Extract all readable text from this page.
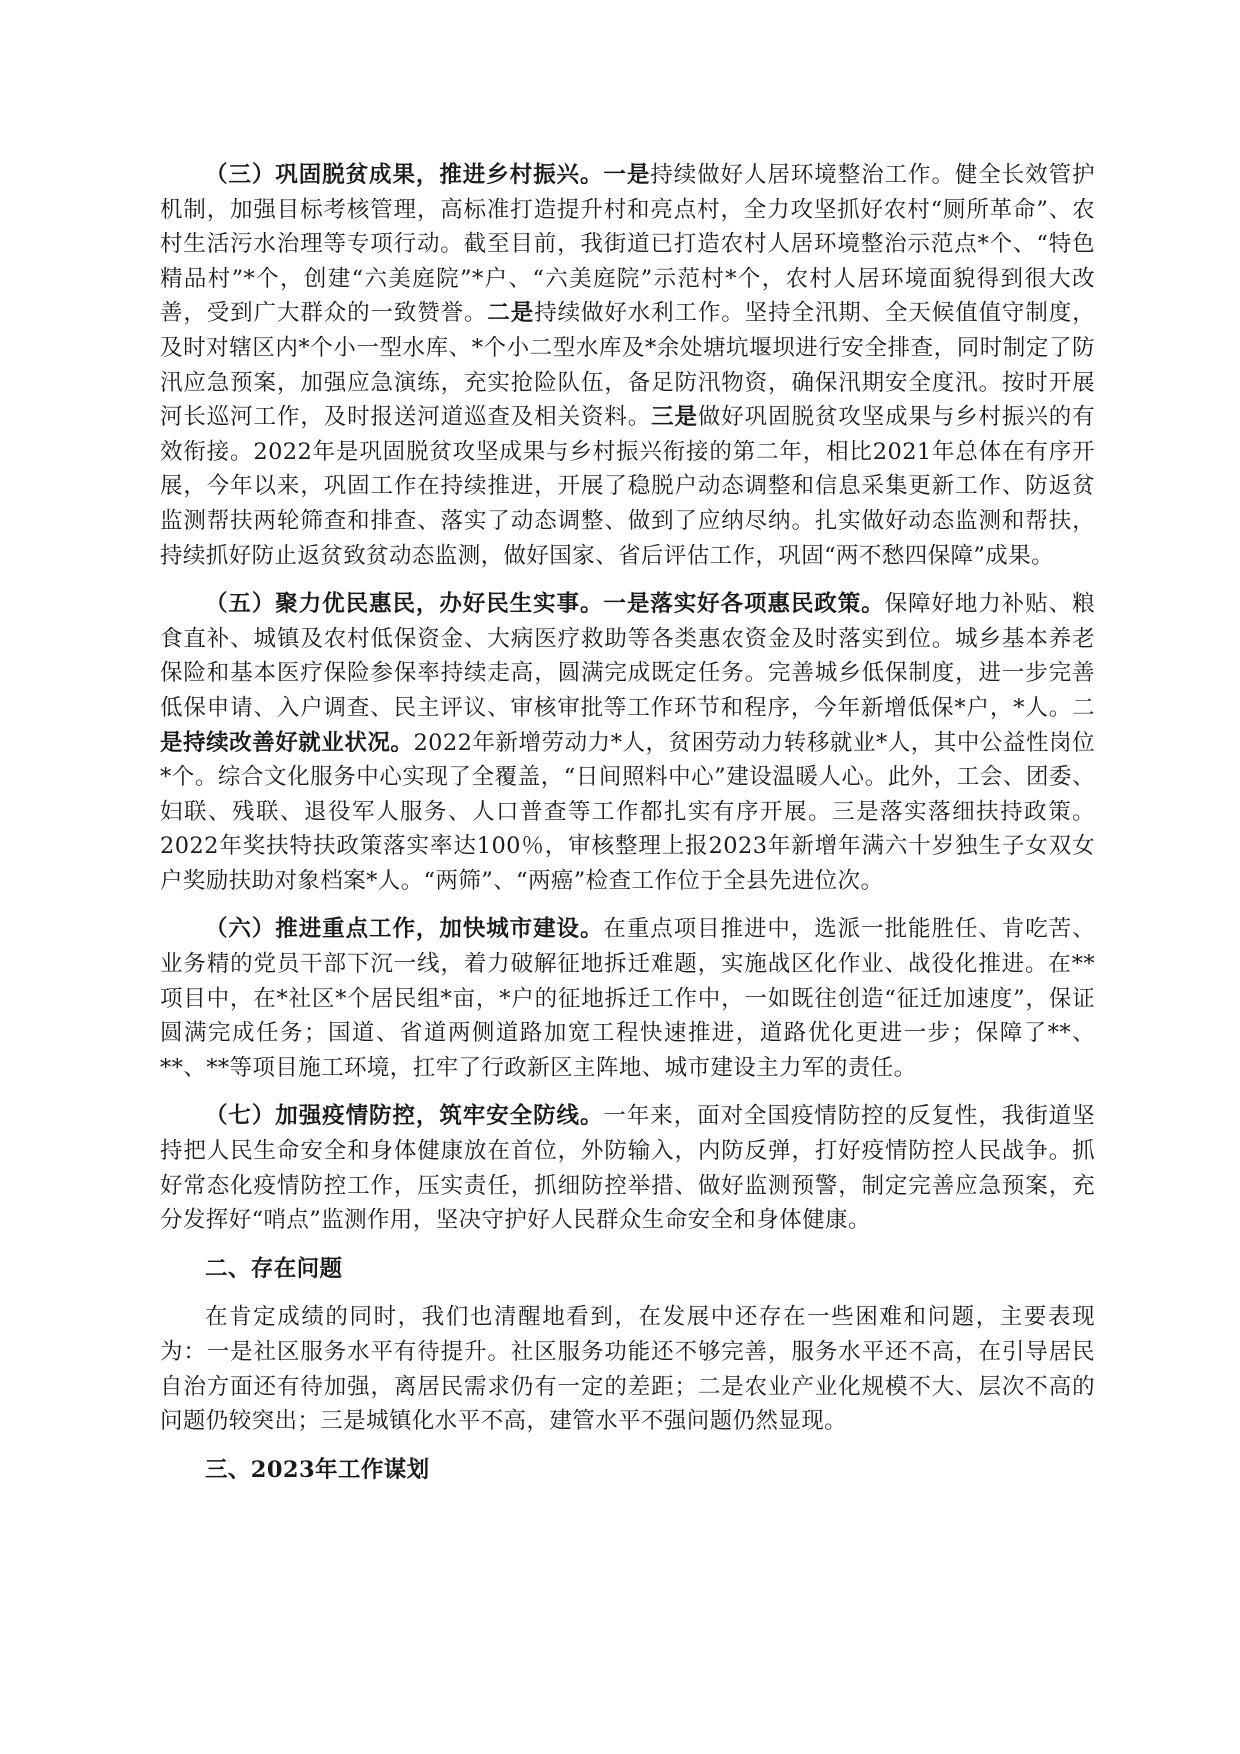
（三）巩固脱贫成果，推进乡村振兴。一是持续做好人居环境整治工作。健全长效管护机制，加强目标考核管理，高标准打造提升村和亮点村，全力攻坚抓好农村“厕所革命”、农村生活污水治理等专项行动。截至目前，我街道已打造农村人居环境整治示范点*个、“特色精品村”*个，创建“六美庭院”*户、“六美庭院”示范村*个，农村人居环境面貌得到很大改善，受到广大群众的一致赞誉。二是持续做好水利工作。坚持全汛期、全天候值值守制度，及时对辖区内*个小一型水库、*个小二型水库及*余处塘坑堰坝进行安全排查，同时制定了防汛应急预案，加强应急演练，充实抢险队伍，备足防汛物资，确保汛期安全度汛。按时开展河长巡河工作，及时报送河道巡查及相关资料。三是做好巩固脱贫攻坚成果与乡村振兴的有效衔接。2022年是巩固脱贫攻坚成果与乡村振兴衔接的第二年，相比2021年总体在有序开展，今年以来，巩固工作在持续推进，开展了稳脱户动态调整和信息采集更新工作、防返贫监测帮扶两轮筛查和排查、落实了动态调整、做到了应纳尽纳。扎实做好动态监测和帮扶，持续抓好防止返贫致贫动态监测，做好国家、省后评估工作，巩固“两不愁四保障”成果。

（五）聚力优民惠民，办好民生实事。一是落实好各项惠民政策。保障好地力补贴、粮食直补、城镇及农村低保资金、大病医疗救助等各类惠农资金及时落实到位。城乡基本养老保险和基本医疗保险参保率持续走高，圆满完成既定任务。完善城乡低保制度，进一步完善低保申请、入户调查、民主评议、审核审批等工作环节和程序，今年新增低保*户，*人。二是持续改善好就业状况。2022年新增劳动力*人，贫困劳动力转移就业*人，其中公益性岗位*个。综合文化服务中心实现了全覆盖，“日间照料中心”建设温暖人心。此外，工会、团委、妇联、残联、退役军人服务、人口普查等工作都扎实有序开展。三是落实落细扶持政策。2022年奖扶特扶政策落实率达100％，审核整理上报2023年新增年满六十岁独生子女双女户奖励扶助对象档案*人。“两筛”、“两癌”检查工作位于全县先进位次。

（六）推进重点工作，加快城市建设。在重点项目推进中，选派一批能胜任、肯吃苦、业务精的党员干部下沉一线，着力破解征地拆迁难题，实施战区化作业、战役化推进。在**项目中，在*社区*个居民组*亩，*户的征地拆迁工作中，一如既往创造“征迁加速度”，保证圆满完成任务；国道、省道两侧道路加宽工程快速推进，道路优化更进一步；保障了**、**、**等项目施工环境，扛牢了行政新区主阵地、城市建设主力军的责任。

（七）加强疫情防控，筑牢安全防线。一年来，面对全国疫情防控的反复性，我街道坚持把人民生命安全和身体健康放在首位，外防输入，内防反弹，打好疫情防控人民战争。抓好常态化疫情防控工作，压实责任，抓细防控举措、做好监测预警，制定完善应急预案，充分发挥好“哨点”监测作用，坚决守护好人民群众生命安全和身体健康。

二、存在问题

在肯定成绩的同时，我们也清醒地看到，在发展中还存在一些困难和问题，主要表现为：一是社区服务水平有待提升。社区服务功能还不够完善，服务水平还不高，在引导居民自治方面还有待加强，离居民需求仍有一定的差距；二是农业产业化规模不大、层次不高的问题仍较突出；三是城镇化水平不高，建管水平不强问题仍然显现。

三、2023年工作谋划
